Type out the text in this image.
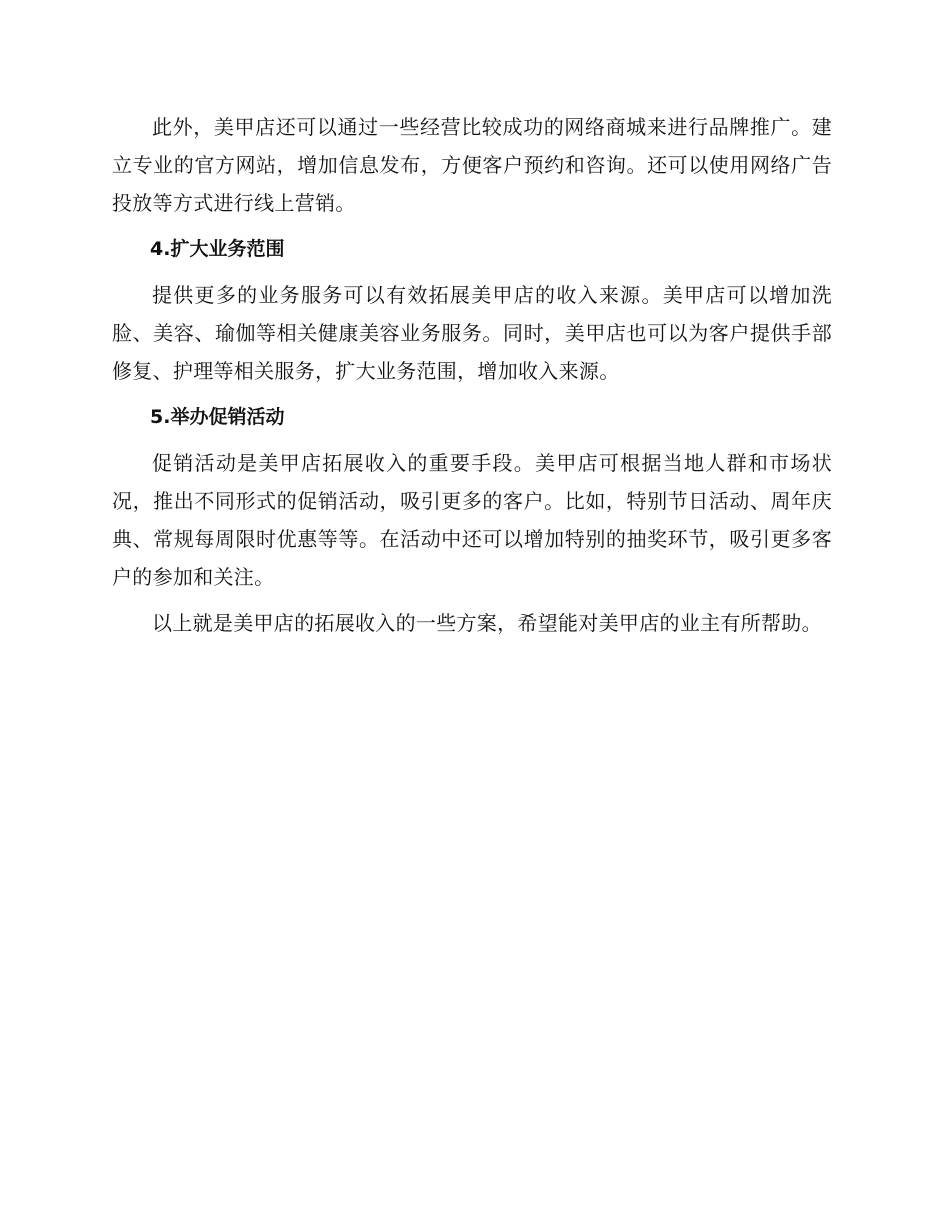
此外，美甲店还可以通过一些经营比较成功的网络商城来进行品牌推广。建立专业的官方网站，增加信息发布，方便客户预约和咨询。还可以使用网络广告投放等方式进行线上营销。

4.扩大业务范围

提供更多的业务服务可以有效拓展美甲店的收入来源。美甲店可以增加洗脸、美容、瑜伽等相关健康美容业务服务。同时，美甲店也可以为客户提供手部修复、护理等相关服务，扩大业务范围，增加收入来源。

5.举办促销活动

促销活动是美甲店拓展收入的重要手段。美甲店可根据当地人群和市场状况，推出不同形式的促销活动，吸引更多的客户。比如，特别节日活动、周年庆典、常规每周限时优惠等等。在活动中还可以增加特别的抽奖环节，吸引更多客户的参加和关注。

以上就是美甲店的拓展收入的一些方案，希望能对美甲店的业主有所帮助。
